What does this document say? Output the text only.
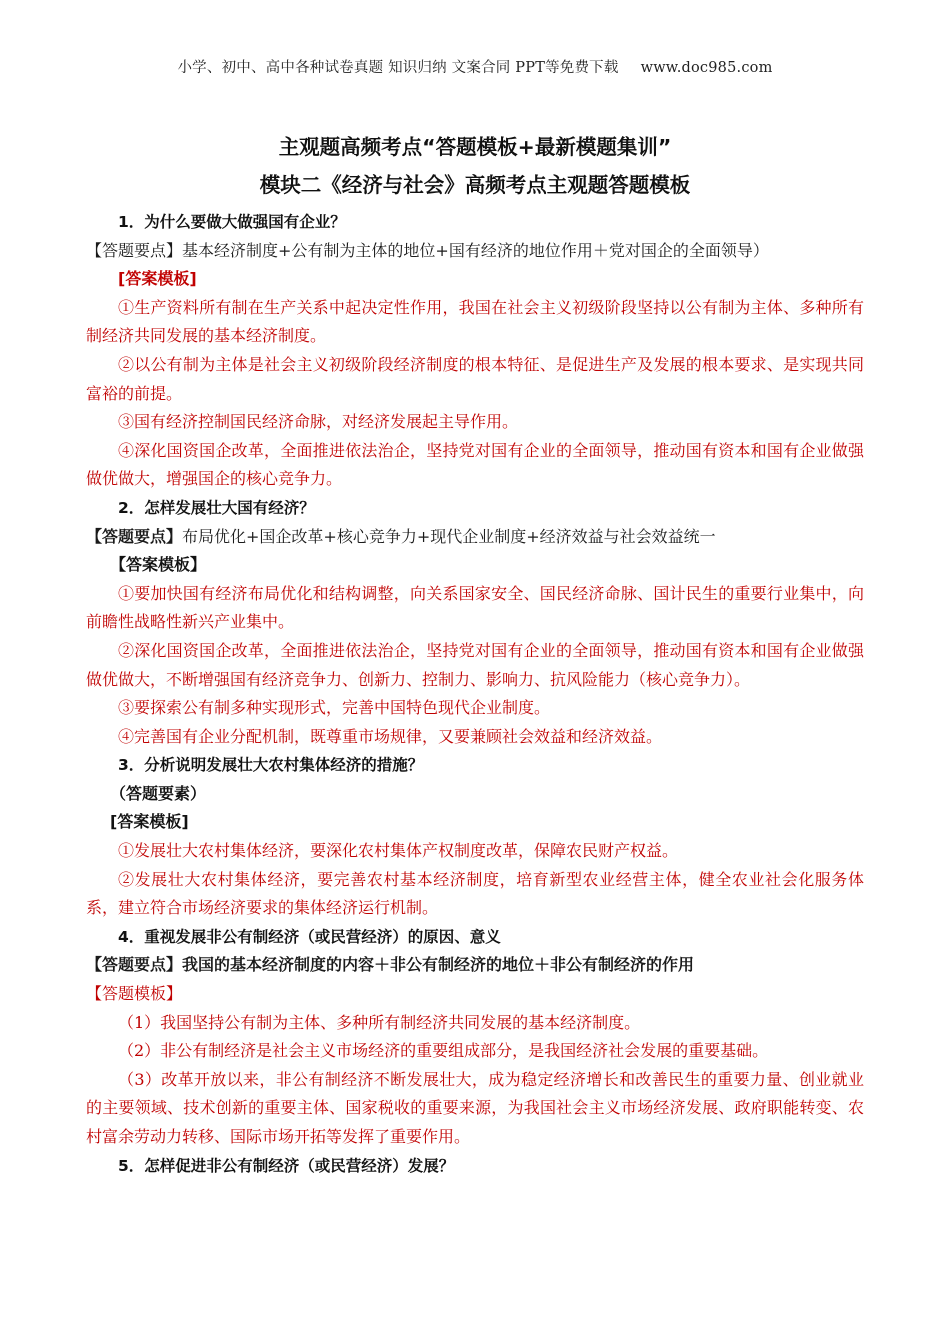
小学、初中、高中各种试卷真题 知识归纳 文案合同 PPT等免费下载 www.doc985.com
主观题高频考点“答题模板+最新模题集训”
模块二《经济与社会》高频考点主观题答题模板

1．为什么要做大做强国有企业？

【答题要点】基本经济制度+公有制为主体的地位+国有经济的地位作用＋党对国企的全面领导）

[答案模板]

①生产资料所有制在生产关系中起决定性作用，我国在社会主义初级阶段坚持以公有制为主体、多种所有制经济共同发展的基本经济制度。

②以公有制为主体是社会主义初级阶段经济制度的根本特征、是促进生产及发展的根本要求、是实现共同富裕的前提。

③国有经济控制国民经济命脉，对经济发展起主导作用。

④深化国资国企改革，全面推进依法治企，坚持党对国有企业的全面领导，推动国有资本和国有企业做强做优做大，增强国企的核心竞争力。

2．怎样发展壮大国有经济？

【答题要点】布局优化+国企改革+核心竞争力+现代企业制度+经济效益与社会效益统一

【答案模板】

①要加快国有经济布局优化和结构调整，向关系国家安全、国民经济命脉、国计民生的重要行业集中，向前瞻性战略性新兴产业集中。

②深化国资国企改革，全面推进依法治企，坚持党对国有企业的全面领导，推动国有资本和国有企业做强做优做大，不断增强国有经济竞争力、创新力、控制力、影响力、抗风险能力（核心竞争力）。

③要探索公有制多种实现形式，完善中国特色现代企业制度。

④完善国有企业分配机制，既尊重市场规律，又要兼顾社会效益和经济效益。

3．分析说明发展壮大农村集体经济的措施？

（答题要素）

[答案模板]

①发展壮大农村集体经济，要深化农村集体产权制度改革，保障农民财产权益。

②发展壮大农村集体经济，要完善农村基本经济制度，培育新型农业经营主体，健全农业社会化服务体系，建立符合市场经济要求的集体经济运行机制。

4．重视发展非公有制经济（或民营经济）的原因、意义

【答题要点】我国的基本经济制度的内容＋非公有制经济的地位＋非公有制经济的作用

【答题模板】

（1）我国坚持公有制为主体、多种所有制经济共同发展的基本经济制度。

（2）非公有制经济是社会主义市场经济的重要组成部分，是我国经济社会发展的重要基础。

（3）改革开放以来，非公有制经济不断发展壮大，成为稳定经济增长和改善民生的重要力量、创业就业的主要领域、技术创新的重要主体、国家税收的重要来源，为我国社会主义市场经济发展、政府职能转变、农村富余劳动力转移、国际市场开拓等发挥了重要作用。

5．怎样促进非公有制经济（或民营经济）发展？
